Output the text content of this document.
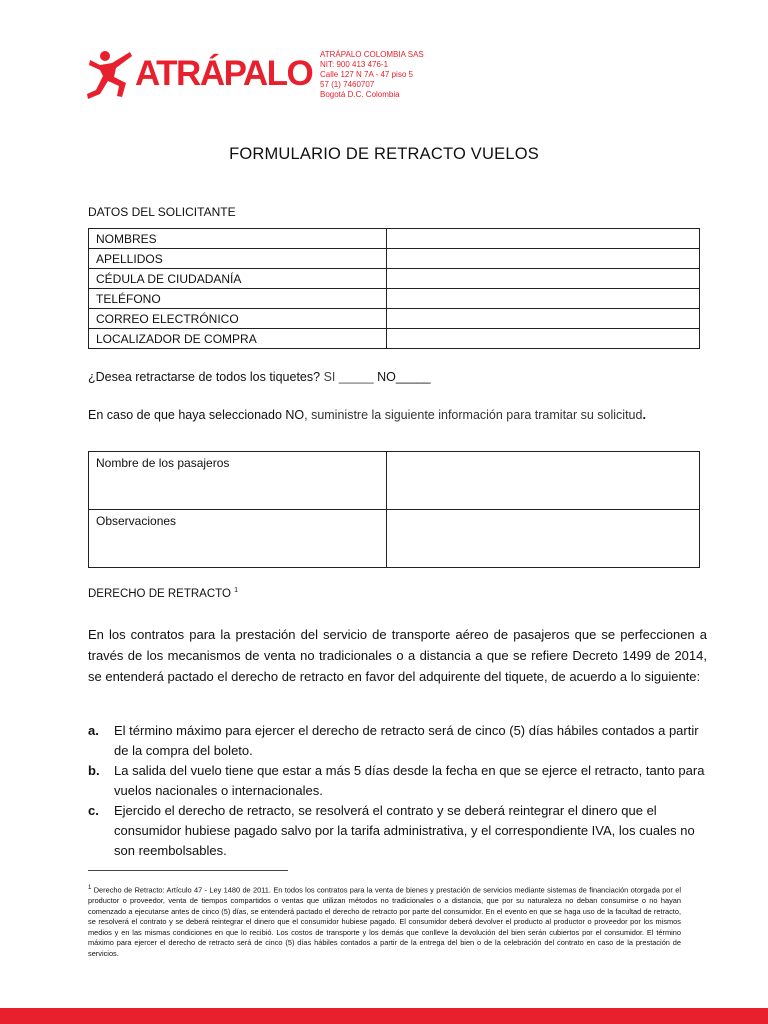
ATRÁPALO ATRÁPALO COLOMBIA SAS
NIT: 900 413 476-1
Calle 127 N 7A - 47 piso 5
57 (1) 7460707
Bogotá D.C. Colombia
FORMULARIO DE RETRACTO VUELOS
DATOS DEL SOLICITANTE
NOMBRES	
APELLIDOS	
CÉDULA DE CIUDADANÍA	
TELÉFONO	
CORREO ELECTRÓNICO	
LOCALIZADOR DE COMPRA	
¿Desea retractarse de todos los tiquetes? SI _____ NO_____
En caso de que haya seleccionado NO, suministre la siguiente información para tramitar su solicitud.
Nombre de los pasajeros	
Observaciones	
DERECHO DE RETRACTO $^1$
En los contratos para la prestación del servicio de transporte aéreo de pasajeros que se perfeccionen a través de los mecanismos de venta no tradicionales o a distancia a que se refiere Decreto 1499 de 2014, se entenderá pactado el derecho de retracto en favor del adquirente del tiquete, de acuerdo a lo siguiente:
a. El término máximo para ejercer el derecho de retracto será de cinco (5) días hábiles contados a partir de la compra del boleto.
b. La salida del vuelo tiene que estar a más 5 días desde la fecha en que se ejerce el retracto, tanto para vuelos nacionales o internacionales.
c. Ejercido el derecho de retracto, se resolverá el contrato y se deberá reintegrar el dinero que el consumidor hubiese pagado salvo por la tarifa administrativa, y el correspondiente IVA, los cuales no son reembolsables.
$^1$ Derecho de Retracto: Artículo 47 - Ley 1480 de 2011. En todos los contratos para la venta de bienes y prestación de servicios mediante sistemas de financiación otorgada por el productor o proveedor, venta de tiempos compartidos o ventas que utilizan métodos no tradicionales o a distancia, que por su naturaleza no deban consumirse o no hayan comenzado a ejecutarse antes de cinco (5) días, se entenderá pactado el derecho de retracto por parte del consumidor. En el evento en que se haga uso de la facultad de retracto, se resolverá el contrato y se deberá reintegrar el dinero que el consumidor hubiese pagado. El consumidor deberá devolver el producto al productor o proveedor por los mismos medios y en las mismas condiciones en que lo recibió. Los costos de transporte y los demás que conlleve la devolución del bien serán cubiertos por el consumidor. El término máximo para ejercer el derecho de retracto será de cinco (5) días hábiles contados a partir de la entrega del bien o de la celebración del contrato en caso de la prestación de servicios.
